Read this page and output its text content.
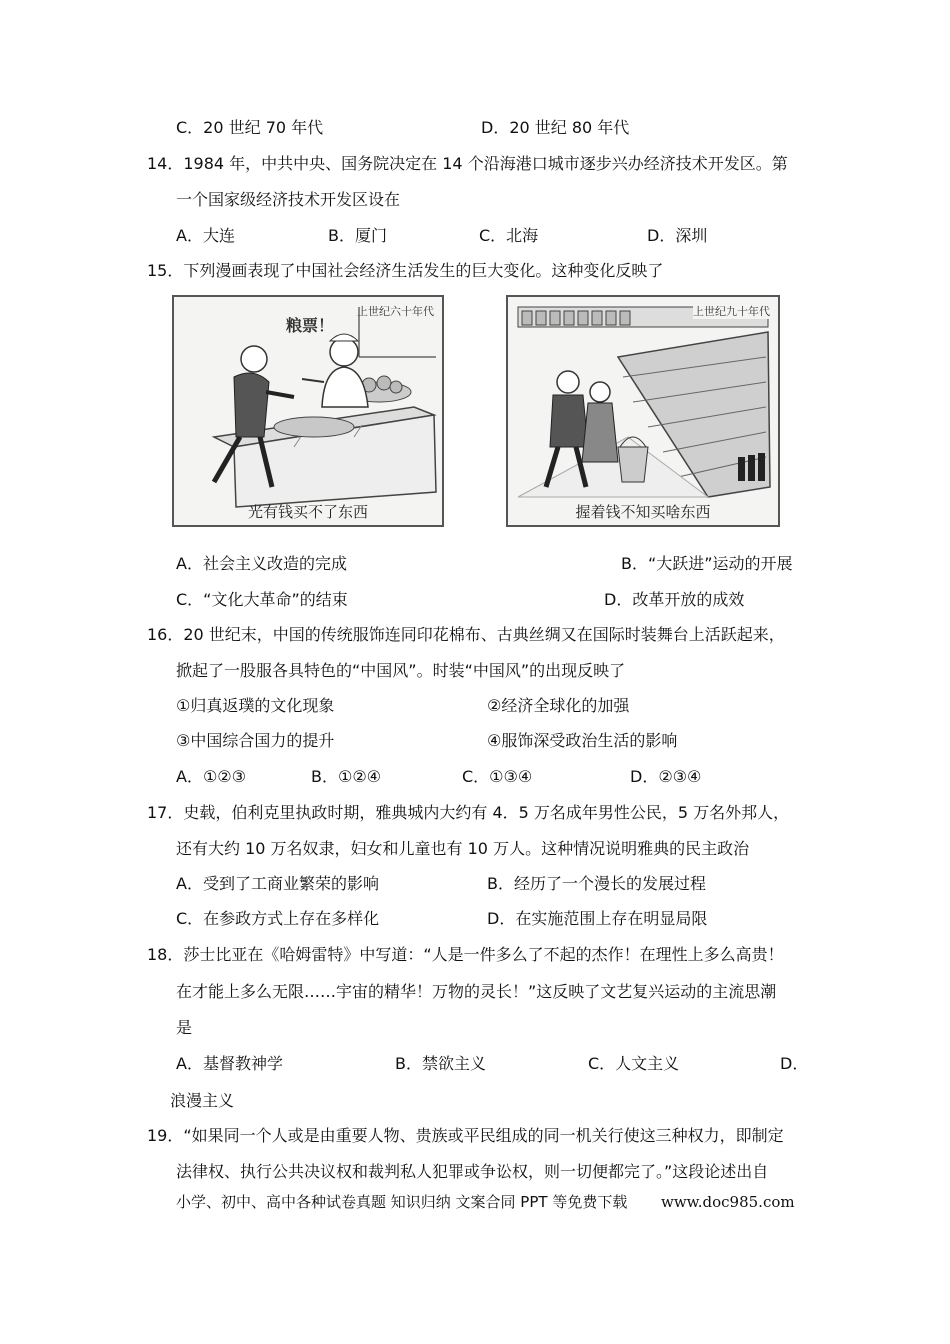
C．20 世纪 70 年代	D．20 世纪 80 年代
14．1984 年，中共中央、国务院决定在 14 个沿海港口城市逐步兴办经济技术开发区。第
一个国家级经济技术开发区设在
A．大连	B．厦门	C．北海	D．深圳
15．下列漫画表现了中国社会经济生活发生的巨大变化。这种变化反映了
上世纪六十年代
粮票！
光有钱买不了东西
上世纪九十年代
握着钱不知买啥东西
A．社会主义改造的完成	B．“大跃进”运动的开展
C．“文化大革命”的结束	D．改革开放的成效
16．20 世纪末，中国的传统服饰连同印花棉布、古典丝绸又在国际时装舞台上活跃起来，
掀起了一股服各具特色的“中国风”。时装“中国风”的出现反映了
①归真返璞的文化现象	②经济全球化的加强
③中国综合国力的提升	④服饰深受政治生活的影响
A．①②③	B．①②④	C．①③④	D．②③④
17．史载，伯利克里执政时期，雅典城内大约有 4．5 万名成年男性公民，5 万名外邦人，
还有大约 10 万名奴隶，妇女和儿童也有 10 万人。这种情况说明雅典的民主政治
A．受到了工商业繁荣的影响	B．经历了一个漫长的发展过程
C．在参政方式上存在多样化	D．在实施范围上存在明显局限
18．莎士比亚在《哈姆雷特》中写道：“人是一件多么了不起的杰作！在理性上多么高贵！
在才能上多么无限……宇宙的精华！万物的灵长！”这反映了文艺复兴运动的主流思潮
是
A．基督教神学	B．禁欲主义	C．人文主义	D．
浪漫主义
19．“如果同一个人或是由重要人物、贵族或平民组成的同一机关行使这三种权力，即制定
法律权、执行公共决议权和裁判私人犯罪或争讼权，则一切便都完了。”这段论述出自
小学、初中、高中各种试卷真题 知识归纳 文案合同 PPT 等免费下载 www.doc985.com
